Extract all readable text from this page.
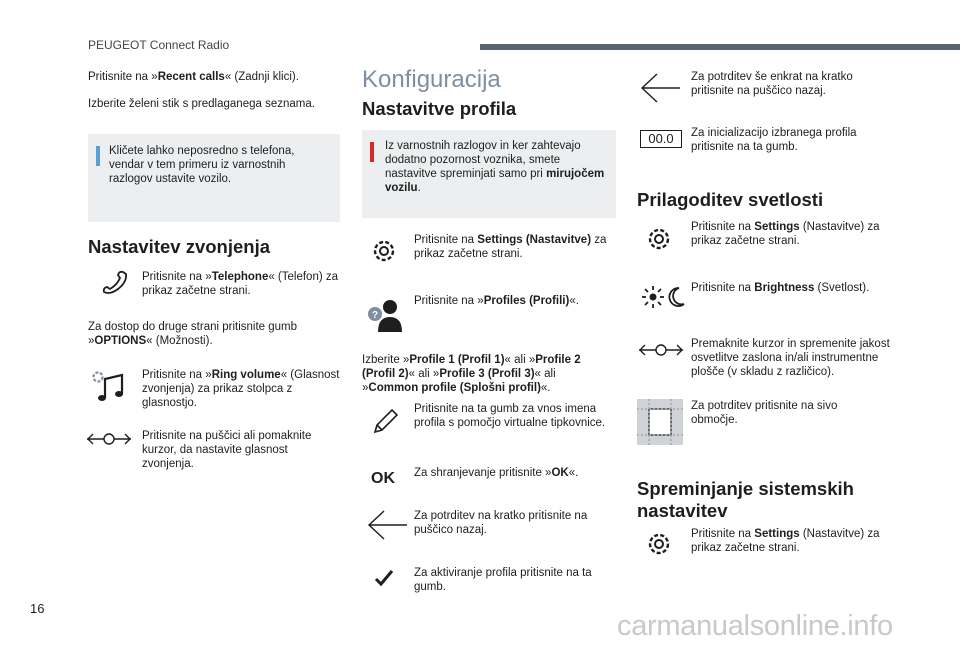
PEUGEOT Connect Radio
Pritisnite na »Recent calls« (Zadnji klici).
Izberite želeni stik s predlaganega seznama.
Kličete lahko neposredno s telefona, vendar v tem primeru iz varnostnih razlogov ustavite vozilo.
Nastavitev zvonjenja
Pritisnite na »Telephone« (Telefon) za prikaz začetne strani.
Za dostop do druge strani pritisnite gumb »OPTIONS« (Možnosti).
Pritisnite na »Ring volume« (Glasnost zvonjenja) za prikaz stolpca z glasnostjo.
Pritisnite na puščici ali pomaknite kurzor, da nastavite glasnost zvonjenja.
Konfiguracija
Nastavitve profila
Iz varnostnih razlogov in ker zahtevajo dodatno pozornost voznika, smete nastavitve spreminjati samo pri mirujočem vozilu.
Pritisnite na Settings (Nastavitve) za prikaz začetne strani.
?
Pritisnite na »Profiles (Profili)«.
Izberite »Profile 1 (Profil 1)« ali »Profile 2 (Profil 2)« ali »Profile 3 (Profil 3)« ali »Common profile (Splošni profil)«.
Pritisnite na ta gumb za vnos imena profila s pomočjo virtualne tipkovnice.
OK Za shranjevanje pritisnite »OK«.
Za potrditev na kratko pritisnite na puščico nazaj.
Za aktiviranje profila pritisnite na ta gumb.
Za potrditev še enkrat na kratko pritisnite na puščico nazaj.
00.0	Za inicializacijo izbranega profila pritisnite na ta gumb.
Prilagoditev svetlosti
Pritisnite na Settings (Nastavitve) za prikaz začetne strani.
Pritisnite na Brightness (Svetlost).
Premaknite kurzor in spremenite jakost osvetlitve zaslona in/ali instrumentne plošče (v skladu z različico).
Za potrditev pritisnite na sivo območje.
Spreminjanje sistemskih nastavitev
Pritisnite na Settings (Nastavitve) za prikaz začetne strani.
16
carmanualsonline.info
